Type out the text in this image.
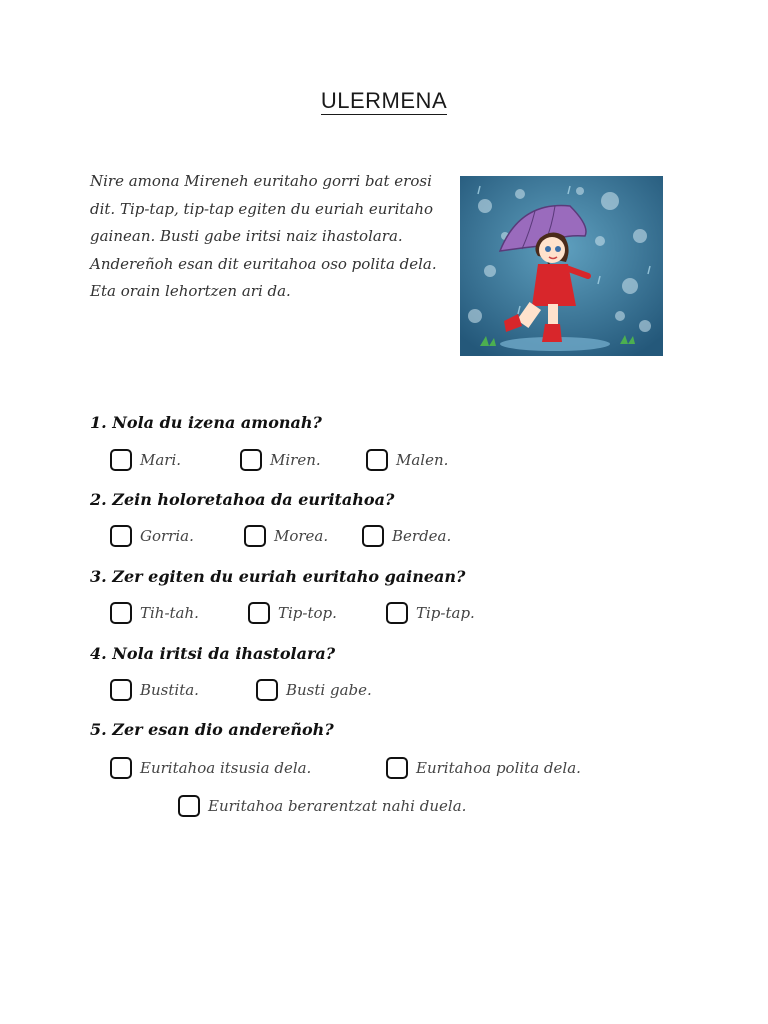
ULERMENA
Nire amona Mireneh euritaho gorri bat erosi dit. Tip-tap, tip-tap egiten du euriah euritaho gainean. Busti gabe iritsi naiz ihastolara. Andereñoh esan dit euritahoa oso polita dela. Eta orain lehortzen ari da.
1. Nola du izena amonah?
Mari.	Miren.	Malen.
2. Zein holoretahoa da euritahoa?
Gorria.	Morea.	Berdea.
3. Zer egiten du euriah euritaho gainean?
Tih-tah.	Tip-top.	Tip-tap.
4. Nola iritsi da ihastolara?
Bustita.	Busti gabe.
5. Zer esan dio andereñoh?
Euritahoa itsusia dela.	Euritahoa polita dela.
Euritahoa berarentzat nahi duela.
